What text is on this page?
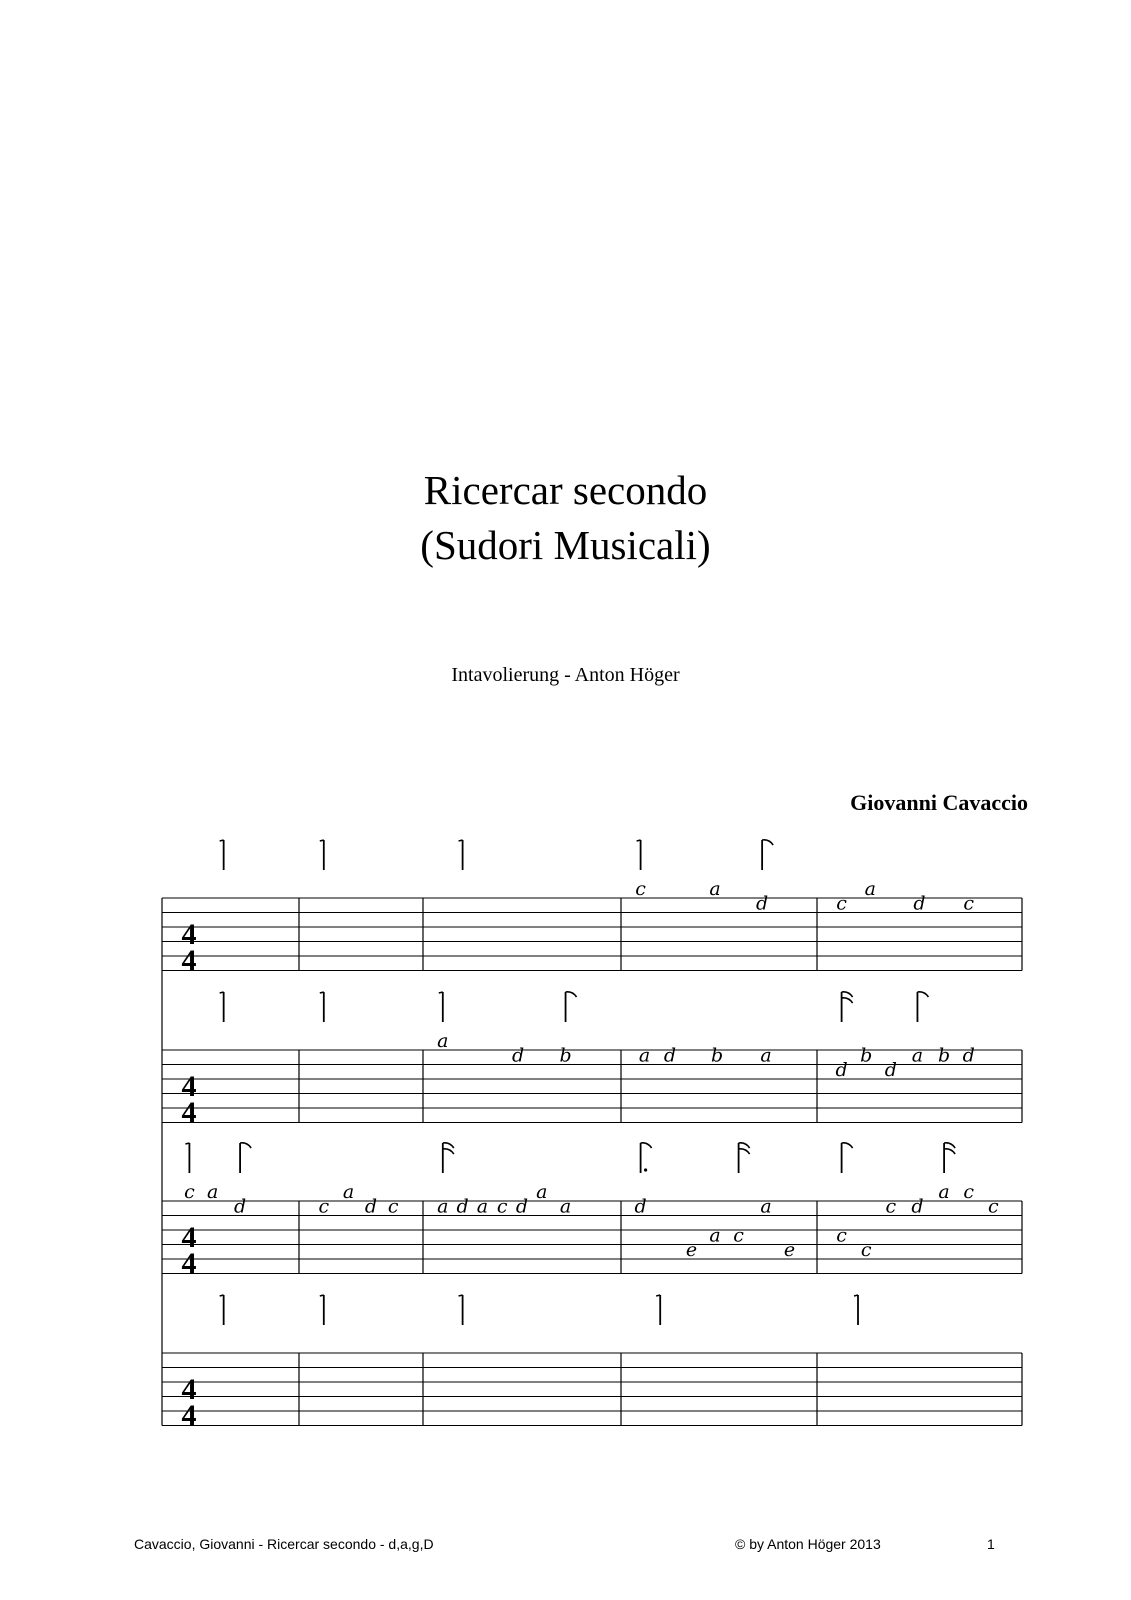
Ricercar secondo
(Sudori Musicali)
Intavolierung - Anton Höger
Giovanni Cavaccio
4
4
c	a
d	c
a
d c
4
4
a
d b	a d b a
d
b
d
a b d
4
4
c a
d	c
a
d c a d a c d
a
a	d
e
a c
a
e
c
c
c d
a c
c
4
4
Cavaccio, Giovanni - Ricercar secondo - d,a,g,D	© by Anton Höger 2013	1
